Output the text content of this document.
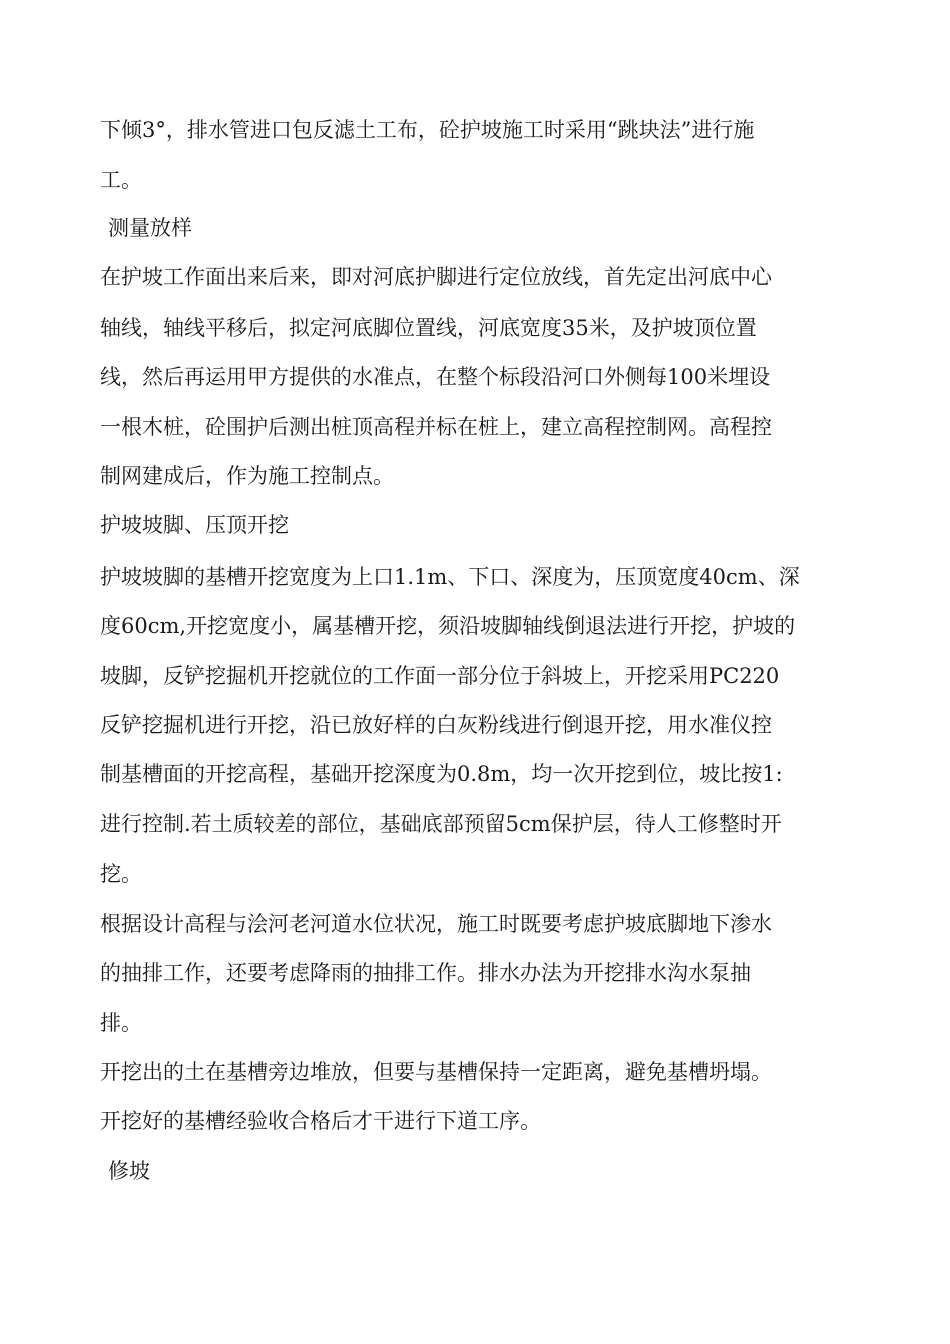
下倾3°，排水管进口包反滤土工布，砼护坡施工时采用“跳块法”进行施
工。
测量放样
在护坡工作面出来后来，即对河底护脚进行定位放线，首先定出河底中心
轴线，轴线平移后，拟定河底脚位置线，河底宽度35米，及护坡顶位置
线，然后再运用甲方提供的水准点，在整个标段沿河口外侧每100米埋设
一根木桩，砼围护后测出桩顶高程并标在桩上，建立高程控制网。高程控
制网建成后，作为施工控制点。
护坡坡脚、压顶开挖
护坡坡脚的基槽开挖宽度为上口1.1m、下口、深度为，压顶宽度40cm、深
度60cm,开挖宽度小，属基槽开挖，须沿坡脚轴线倒退法进行开挖，护坡的
坡脚，反铲挖掘机开挖就位的工作面一部分位于斜坡上，开挖采用PC220
反铲挖掘机进行开挖，沿已放好样的白灰粉线进行倒退开挖，用水准仪控
制基槽面的开挖高程，基础开挖深度为0.8m，均一次开挖到位，坡比按1:
进行控制.若土质较差的部位，基础底部预留5cm保护层，待人工修整时开
挖。
根据设计高程与浍河老河道水位状况，施工时既要考虑护坡底脚地下渗水
的抽排工作，还要考虑降雨的抽排工作。排水办法为开挖排水沟水泵抽
排。
开挖出的土在基槽旁边堆放，但要与基槽保持一定距离，避免基槽坍塌。
开挖好的基槽经验收合格后才干进行下道工序。
修坡
